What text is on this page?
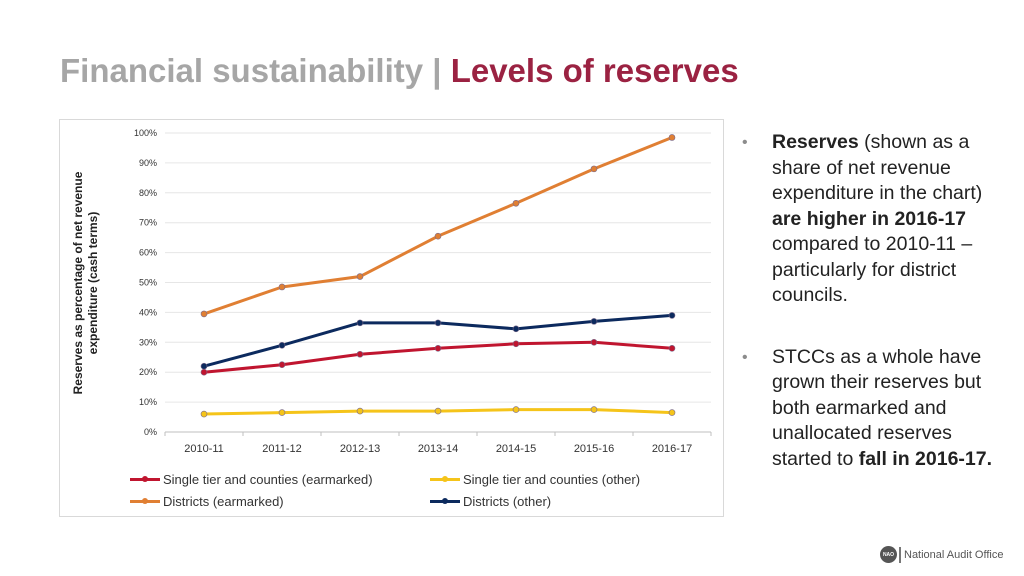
Financial sustainability | Levels of reserves
0%
10%
20%
30%
40%
50%
60%
70%
80%
90%
100%
2010-11	2011-12	2012-13	2013-14	2014-15	2015-16	2016-17
Single tier and counties (earmarked)	Single tier and counties (other)
Districts (earmarked)	Districts (other)
Reserves as percentage of net revenue expenditure (cash terms)
• Reserves (shown as a share of net revenue expenditure in the chart) are higher in 2016-17 compared to 2010-11 – particularly for district councils.
• STCCs as a whole have grown their reserves but both earmarked and unallocated reserves started to fall in 2016-17.
NAO National Audit Office
